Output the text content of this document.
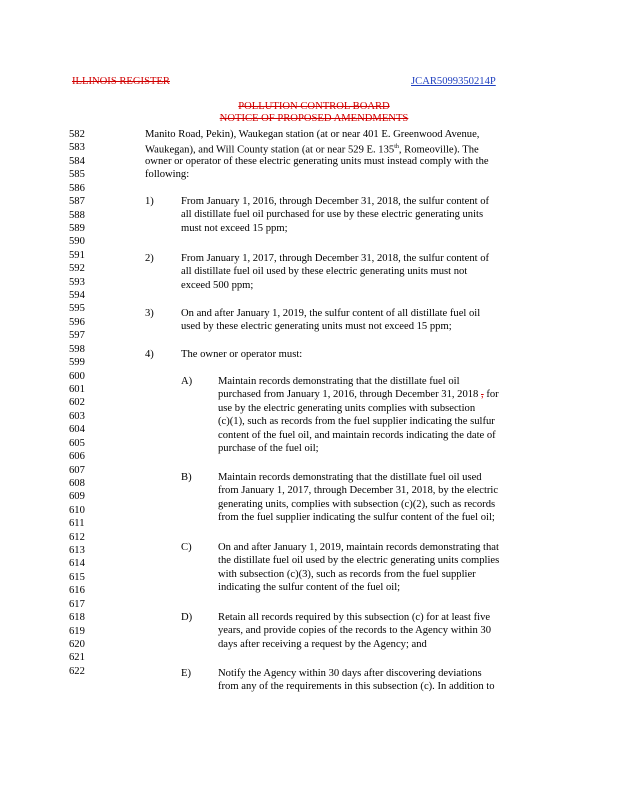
ILLINOIS REGISTER	JCAR5099350214P
POLLUTION CONTROL BOARD
NOTICE OF PROPOSED AMENDMENTS
582
583
584
585
586
587
588
589
590
591
592
593
594
595
596
597
598
599
600
601
602
603
604
605
606
607
608
609
610
611
612
613
614
615
616
617
618
619
620
621
622
Manito Road, Pekin), Waukegan station (at or near 401 E. Greenwood Avenue,
Waukegan), and Will County station (at or near 529 E. 135th, Romeoville). The
owner or operator of these electric generating units must instead comply with the
following:
1)	From January 1, 2016, through December 31, 2018, the sulfur content of
all distillate fuel oil purchased for use by these electric generating units
must not exceed 15 ppm;
2)	From January 1, 2017, through December 31, 2018, the sulfur content of
all distillate fuel oil used by these electric generating units must not
exceed 500 ppm;
3)	On and after January 1, 2019, the sulfur content of all distillate fuel oil
used by these electric generating units must not exceed 15 ppm;
4)	The owner or operator must:
A) Maintain records demonstrating that the distillate fuel oil
purchased from January 1, 2016, through December 31, 2018 , for
use by the electric generating units complies with subsection
(c)(1), such as records from the fuel supplier indicating the sulfur
content of the fuel oil, and maintain records indicating the date of
purchase of the fuel oil;
B) Maintain records demonstrating that the distillate fuel oil used
from January 1, 2017, through December 31, 2018, by the electric
generating units, complies with subsection (c)(2), such as records
from the fuel supplier indicating the sulfur content of the fuel oil;
C) On and after January 1, 2019, maintain records demonstrating that
the distillate fuel oil used by the electric generating units complies
with subsection (c)(3), such as records from the fuel supplier
indicating the sulfur content of the fuel oil;
D) Retain all records required by this subsection (c) for at least five
years, and provide copies of the records to the Agency within 30
days after receiving a request by the Agency; and
E)	Notify the Agency within 30 days after discovering deviations
from any of the requirements in this subsection (c). In addition to
